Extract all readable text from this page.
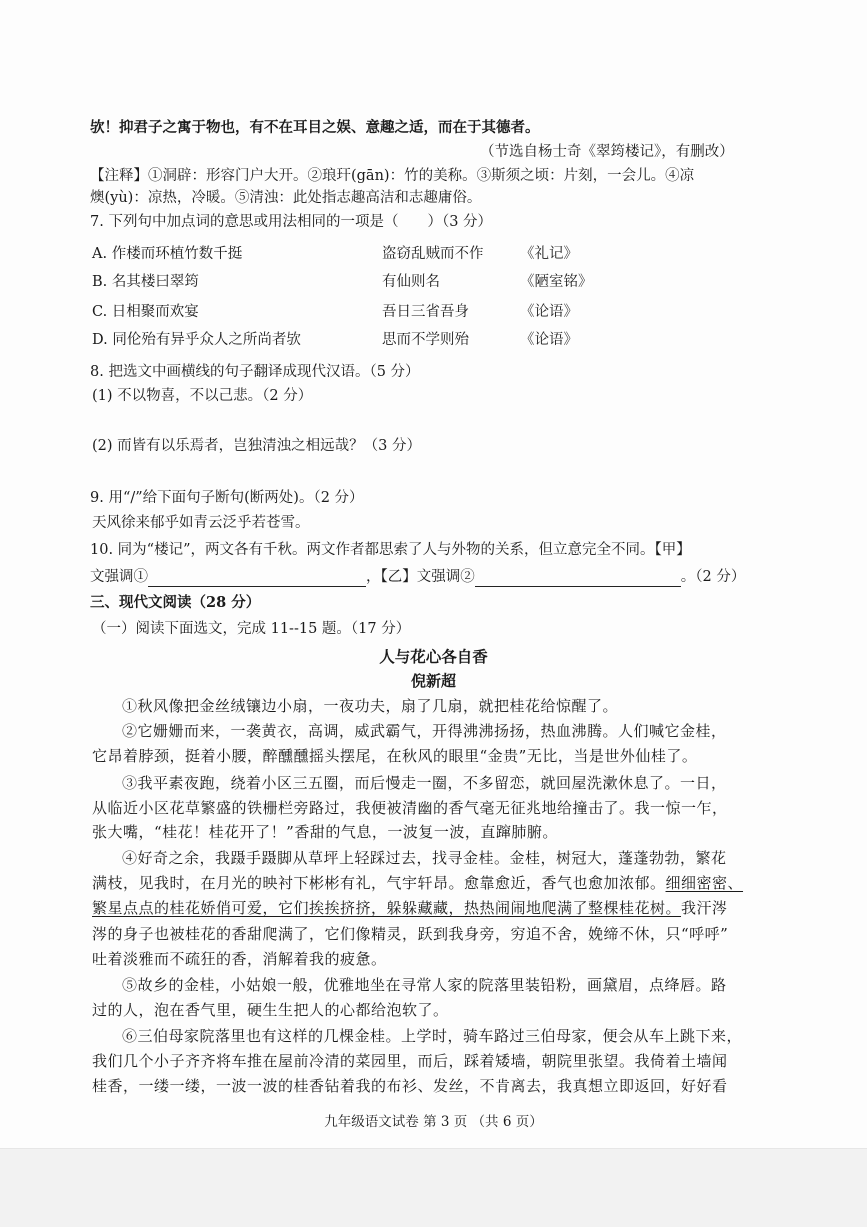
欤！抑君子之寓于物也，有不在耳目之娱、意趣之适，而在于其德者。
（节选自杨士奇《翠筠楼记》，有删改）
【注释】①洞辟：形容门户大开。②琅玕(gān)：竹的美称。③斯须之顷：片刻，一会儿。④凉
燠(yù)：凉热，冷暖。⑤清浊：此处指志趣高洁和志趣庸俗。
7. 下列句中加点词的意思或用法相同的一项是（　　）（3 分）
A. 作楼而环植竹数千挺	盗窃乱贼而不作	《礼记》
B. 名其楼曰翠筠	有仙则名	《陋室铭》
C. 日相聚而欢宴	吾日三省吾身	《论语》
D. 同伦殆有异乎众人之所尚者欤	思而不学则殆	《论语》
8. 把选文中画横线的句子翻译成现代汉语。（5 分）
(1) 不以物喜，不以己悲。（2 分）
(2) 而皆有以乐焉者，岂独清浊之相远哉？（3 分）
9. 用“/”给下面句子断句(断两处)。（2 分）
天风徐来郁乎如青云泛乎若苍雪。
10. 同为“楼记”，两文各有千秋。两文作者都思索了人与外物的关系，但立意完全不同。【甲】
文强调①	，【乙】文强调②	。（2 分）
三、现代文阅读（28 分）
（一）阅读下面选文，完成 11--15 题。（17 分）
人与花心各自香
倪新超
①秋风像把金丝绒镶边小扇，一夜功夫，扇了几扇，就把桂花给惊醒了。
②它姗姗而来，一袭黄衣，高调，威武霸气，开得沸沸扬扬，热血沸腾。人们喊它金桂，
它昂着脖颈，挺着小腰，醉醺醺摇头摆尾，在秋风的眼里“金贵”无比，当是世外仙桂了。
③我平素夜跑，绕着小区三五圈，而后慢走一圈，不多留恋，就回屋洗漱休息了。一日，
从临近小区花草繁盛的铁栅栏旁路过，我便被清幽的香气毫无征兆地给撞击了。我一惊一乍，
张大嘴，“桂花！桂花开了！”香甜的气息，一波复一波，直蹿肺腑。
④好奇之余，我蹑手蹑脚从草坪上轻踩过去，找寻金桂。金桂，树冠大，蓬蓬勃勃，繁花
满枝，见我时，在月光的映衬下彬彬有礼，气宇轩昂。愈靠愈近，香气也愈加浓郁。细细密密、
繁星点点的桂花娇俏可爱，它们挨挨挤挤，躲躲藏藏，热热闹闹地爬满了整棵桂花树。我汗涔
涔的身子也被桂花的香甜爬满了，它们像精灵，跃到我身旁，穷追不舍，娩缔不休，只“呼呼”
吐着淡雅而不疏狂的香，消解着我的疲惫。
⑤故乡的金桂，小姑娘一般，优雅地坐在寻常人家的院落里装铅粉，画黛眉，点绛唇。路
过的人，泡在香气里，硬生生把人的心都给泡软了。
⑥三伯母家院落里也有这样的几棵金桂。上学时，骑车路过三伯母家，便会从车上跳下来，
我们几个小子齐齐将车推在屋前冷清的菜园里，而后，踩着矮墙，朝院里张望。我倚着土墙闻
桂香，一缕一缕，一波一波的桂香钻着我的布衫、发丝，不肯离去，我真想立即返回，好好看
九年级语文试卷 第 3 页 （共 6 页）
